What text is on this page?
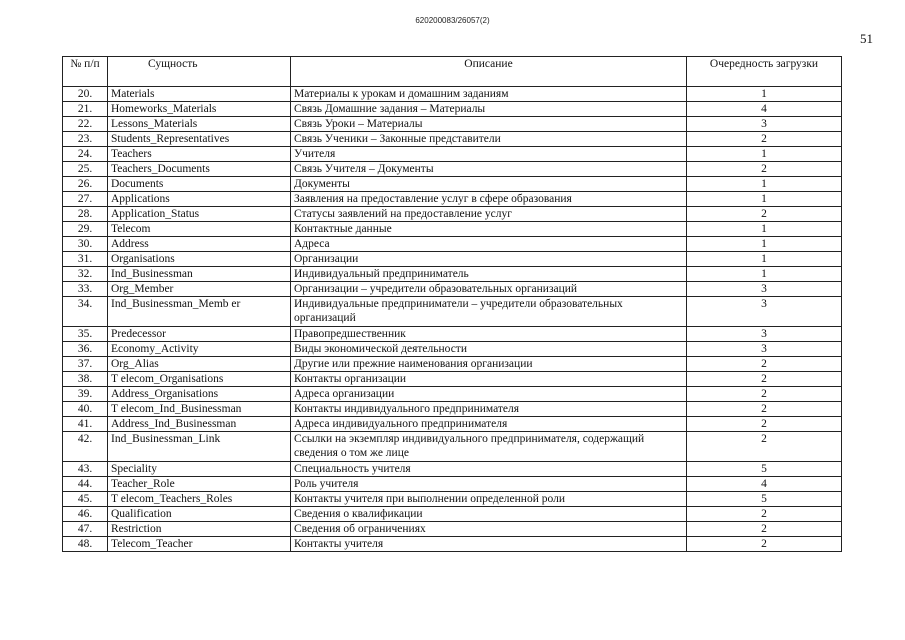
620200083/26057(2)
51
№ п/п	Сущность	Описание	Очередность загрузки
20.	Materials	Материалы к урокам и домашним заданиям	1
21.	Homeworks_Materials	Связь Домашние задания – Материалы	4
22.	Lessons_Materials	Связь Уроки – Материалы	3
23.	Students_Representatives	Связь Ученики – Законные представители	2
24.	Teachers	Учителя	1
25.	Teachers_Documents	Связь Учителя – Документы	2
26.	Documents	Документы	1
27.	Applications	Заявления на предоставление услуг в сфере образования	1
28.	Application_Status	Статусы заявлений на предоставление услуг	2
29.	Telecom	Контактные данные	1
30.	Address	Адреса	1
31.	Organisations	Организации	1
32.	Ind_Businessman	Индивидуальный предприниматель	1
33.	Org_Member	Организации – учредители образовательных организаций	3
34.	Ind_Businessman_Memb er	Индивидуальные предприниматели – учредители образовательных организаций	3
35.	Predecessor	Правопредшественник	3
36.	Economy_Activity	Виды экономической деятельности	3
37.	Org_Alias	Другие или прежние наименования организации	2
38.	T elecom_Organisations	Контакты организации	2
39.	Address_Organisations	Адреса организации	2
40.	T elecom_Ind_Businessman	Контакты индивидуального предпринимателя	2
41.	Address_Ind_Businessman	Адреса индивидуального предпринимателя	2
42.	Ind_Businessman_Link	Ссылки на экземпляр индивидуального предпринимателя, содержащий сведения о том же лице	2
43.	Speciality	Специальность учителя	5
44.	Teacher_Role	Роль учителя	4
45.	T elecom_Teachers_Roles	Контакты учителя при выполнении определенной роли	5
46.	Qualification	Сведения о квалификации	2
47.	Restriction	Сведения об ограничениях	2
48.	Telecom_Teacher	Контакты учителя	2
